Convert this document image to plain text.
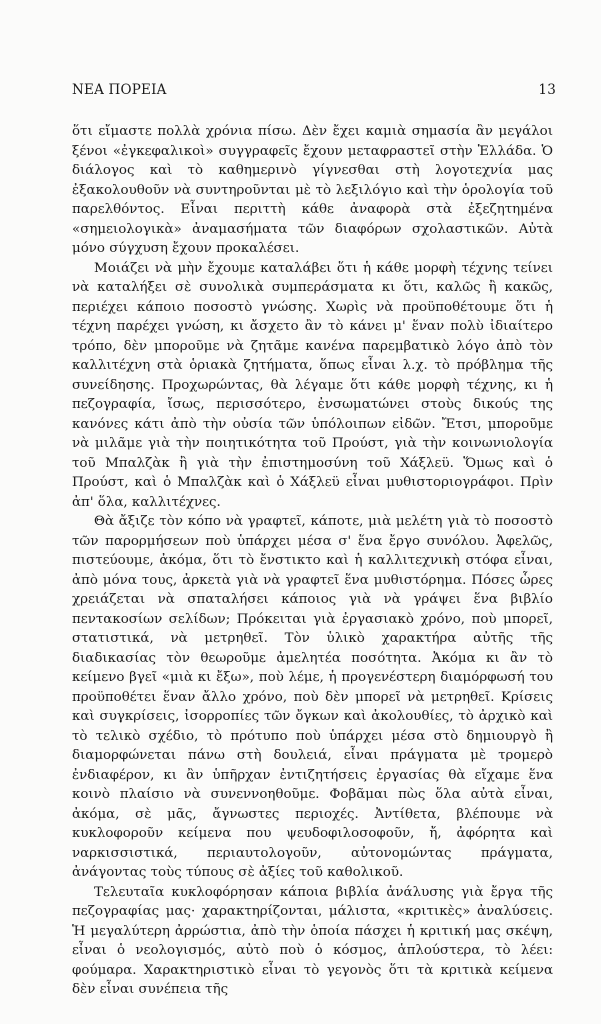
ΝΕΑ ΠΟΡΕΙΑ	13

ὅτι εἴμαστε πολλὰ χρόνια πίσω. Δὲν ἔχει καμιὰ σημασία ἂν μεγάλοι ξένοι «ἐγκεφαλικοὶ» συγγραφεῖς ἔχουν μεταφραστεῖ στὴν Ἑλλάδα. Ὁ διάλογος καὶ τὸ καθημερινὸ γίγνεσθαι στὴ λογοτεχνία μας ἐξακολουθοῦν νὰ συντηροῦνται μὲ τὸ λεξιλόγιο καὶ τὴν ὁρολογία τοῦ παρελθόντος. Εἶναι περιττὴ κάθε ἀναφορὰ στὰ ἐξεζητημένα «σημειολογικὰ» ἀναμασήματα τῶν διαφόρων σχολαστικῶν. Αὐτὰ μόνο σύγχυση ἔχουν προκαλέσει.

Μοιάζει νὰ μὴν ἔχουμε καταλάβει ὅτι ἡ κάθε μορφὴ τέχνης τείνει νὰ καταλήξει σὲ συνολικὰ συμπεράσματα κι ὅτι, καλῶς ἢ κακῶς, περιέχει κάποιο ποσοστὸ γνώσης. Χωρὶς νὰ προϋποθέτουμε ὅτι ἡ τέχνη παρέχει γνώση, κι ἄσχετο ἂν τὸ κάνει μ' ἕναν πολὺ ἰδιαίτερο τρόπο, δὲν μποροῦμε νὰ ζητᾶμε κανένα παρεμβατικὸ λόγο ἀπὸ τὸν καλλιτέχνη στὰ ὁριακὰ ζητήματα, ὅπως εἶναι λ.χ. τὸ πρόβλημα τῆς συνείδησης. Προχωρώντας, θὰ λέγαμε ὅτι κάθε μορφὴ τέχνης, κι ἡ πεζογραφία, ἴσως, περισσότερο, ἐνσωματώνει στοὺς δικούς της κανόνες κάτι ἀπὸ τὴν οὐσία τῶν ὑπόλοιπων εἰδῶν. Ἔτσι, μποροῦμε νὰ μιλᾶμε γιὰ τὴν ποιητικότητα τοῦ Προύστ, γιὰ τὴν κοινωνιολογία τοῦ Μπαλζὰκ ἢ γιὰ τὴν ἐπιστημοσύνη τοῦ Χάξλεϋ. Ὅμως καὶ ὁ Προύστ, καὶ ὁ Μπαλζὰκ καὶ ὁ Χάξλεϋ εἶναι μυθιστοριογράφοι. Πρὶν ἀπ' ὅλα, καλλιτέχνες.

Θὰ ἄξιζε τὸν κόπο νὰ γραφτεῖ, κάποτε, μιὰ μελέτη γιὰ τὸ ποσοστὸ τῶν παρορμήσεων ποὺ ὑπάρχει μέσα σ' ἕνα ἔργο συνόλου. Ἀφελῶς, πιστεύουμε, ἀκόμα, ὅτι τὸ ἔνστικτο καὶ ἡ καλλιτεχνικὴ στόφα εἶναι, ἀπὸ μόνα τους, ἀρκετὰ γιὰ νὰ γραφτεῖ ἕνα μυθιστόρημα. Πόσες ὧρες χρειάζεται νὰ σπαταλήσει κάποιος γιὰ νὰ γράψει ἕνα βιβλίο πεντακοσίων σελίδων; Πρόκειται γιὰ ἐργασιακὸ χρόνο, ποὺ μπορεῖ, στατιστικά, νὰ μετρηθεῖ. Τὸν ὑλικὸ χαρακτήρα αὐτῆς τῆς διαδικασίας τὸν θεωροῦμε ἀμελητέα ποσότητα. Ἀκόμα κι ἂν τὸ κείμενο βγεῖ «μιὰ κι ἔξω», ποὺ λέμε, ἡ προγενέστερη διαμόρφωσή του προϋποθέτει ἕναν ἄλλο χρόνο, ποὺ δὲν μπορεῖ νὰ μετρηθεῖ. Κρίσεις καὶ συγκρίσεις, ἰσορροπίες τῶν ὄγκων καὶ ἀκολουθίες, τὸ ἀρχικὸ καὶ τὸ τελικὸ σχέδιο, τὸ πρότυπο ποὺ ὑπάρχει μέσα στὸ δημιουργὸ ἢ διαμορφώνεται πάνω στὴ δουλειά, εἶναι πράγματα μὲ τρομερὸ ἐνδιαφέρον, κι ἂν ὑπῆρχαν ἐντιζητήσεις ἐργασίας θὰ εἴχαμε ἕνα κοινὸ πλαίσιο νὰ συνεννοηθοῦμε. Φοβᾶμαι πὼς ὅλα αὐτὰ εἶναι, ἀκόμα, σὲ μᾶς, ἄγνωστες περιοχές. Ἀντίθετα, βλέπουμε νὰ κυκλοφοροῦν κείμενα που ψευδοφιλοσοφοῦν, ἤ, ἀφόρητα καὶ ναρκισσιστικά, περιαυτολογοῦν, αὐτονομώντας πράγματα, ἀνάγοντας τοὺς τύπους σὲ ἀξίες τοῦ καθολικοῦ.

Τελευταῖα κυκλοφόρησαν κάποια βιβλία ἀνάλυσης γιὰ ἔργα τῆς πεζογραφίας μας· χαρακτηρίζονται, μάλιστα, «κριτικὲς» ἀναλύσεις. Ἡ μεγαλύτερη ἀρρώστια, ἀπὸ τὴν ὁποία πάσχει ἡ κριτική μας σκέψη, εἶναι ὁ νεολογισμός, αὐτὸ ποὺ ὁ κόσμος, ἁπλούστερα, τὸ λέει: φούμαρα. Χαρακτηριστικὸ εἶναι τὸ γεγονὸς ὅτι τὰ κριτικὰ κείμενα δὲν εἶναι συνέπεια τῆς
